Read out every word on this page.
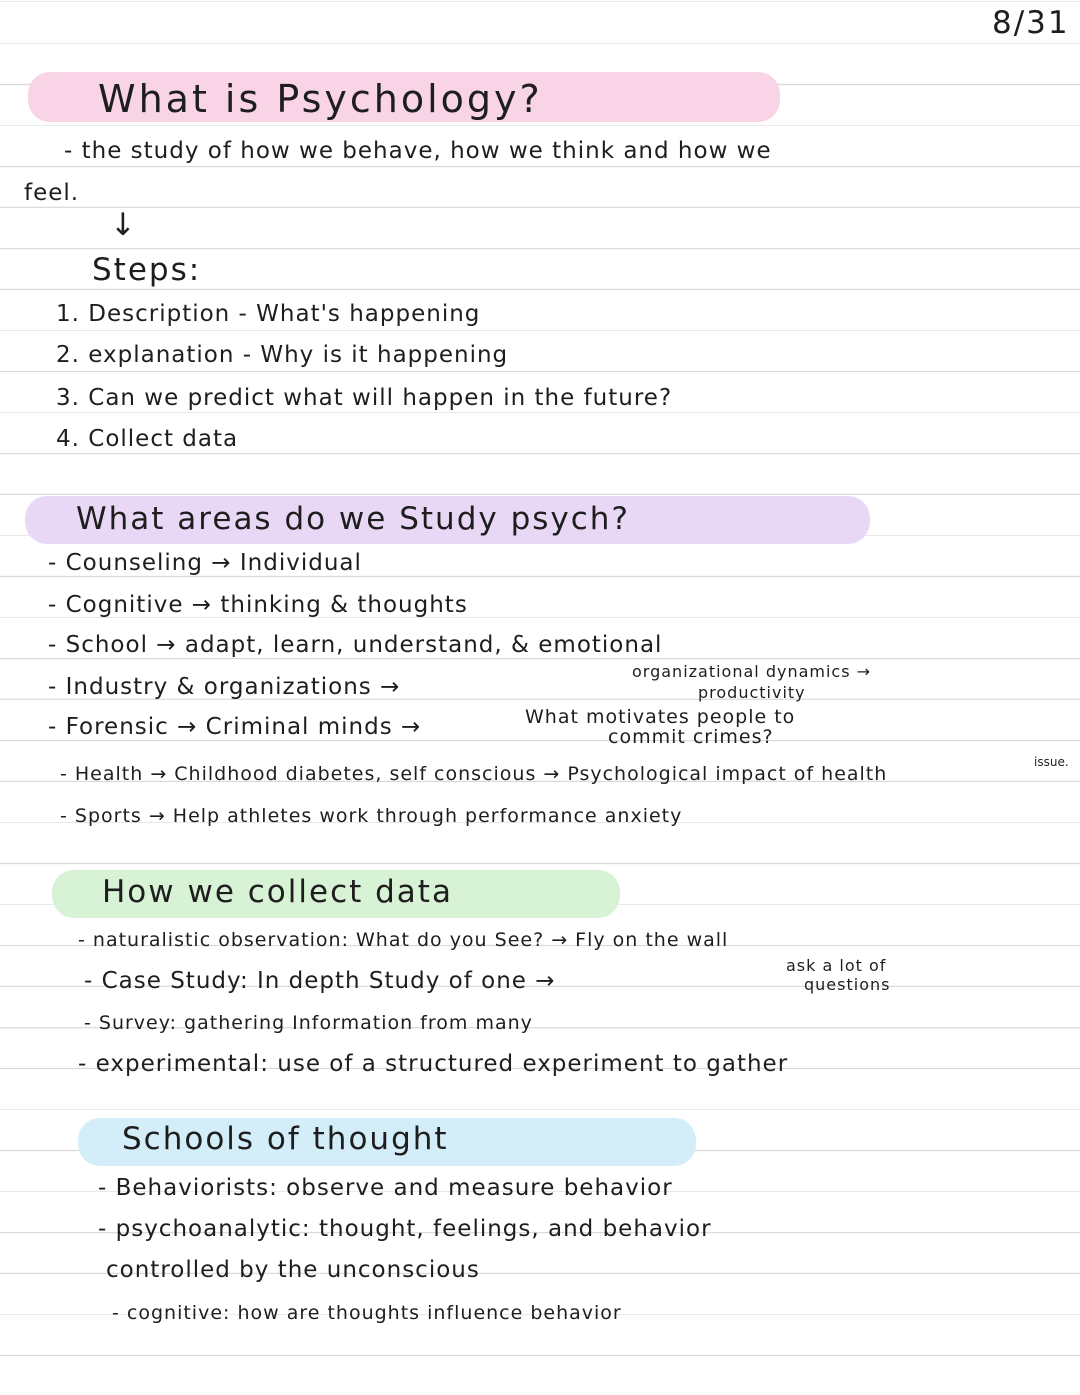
8/31
What is Psychology?
- the study of how we behave, how we think and how we
feel.
↓
Steps:
1. Description - What's happening
2. explanation - Why is it happening
3. Can we predict what will happen in the future?
4. Collect data
What areas do we Study psych?
- Counseling → Individual
- Cognitive → thinking & thoughts
- School → adapt, learn, understand, & emotional
organizational dynamics →
productivity
- Industry & organizations →
What motivates people to
commit crimes?
- Forensic → Criminal minds →
issue.
- Health → Childhood diabetes, self conscious → Psychological impact of health
- Sports → Help athletes work through performance anxiety
How we collect data
- naturalistic observation: What do you See? → Fly on the wall
ask a lot of
questions
- Case Study: In depth Study of one →
- Survey: gathering Information from many
- experimental: use of a structured experiment to gather
Schools of thought
- Behaviorists: observe and measure behavior
- psychoanalytic: thought, feelings, and behavior
controlled by the unconscious
- cognitive: how are thoughts influence behavior
